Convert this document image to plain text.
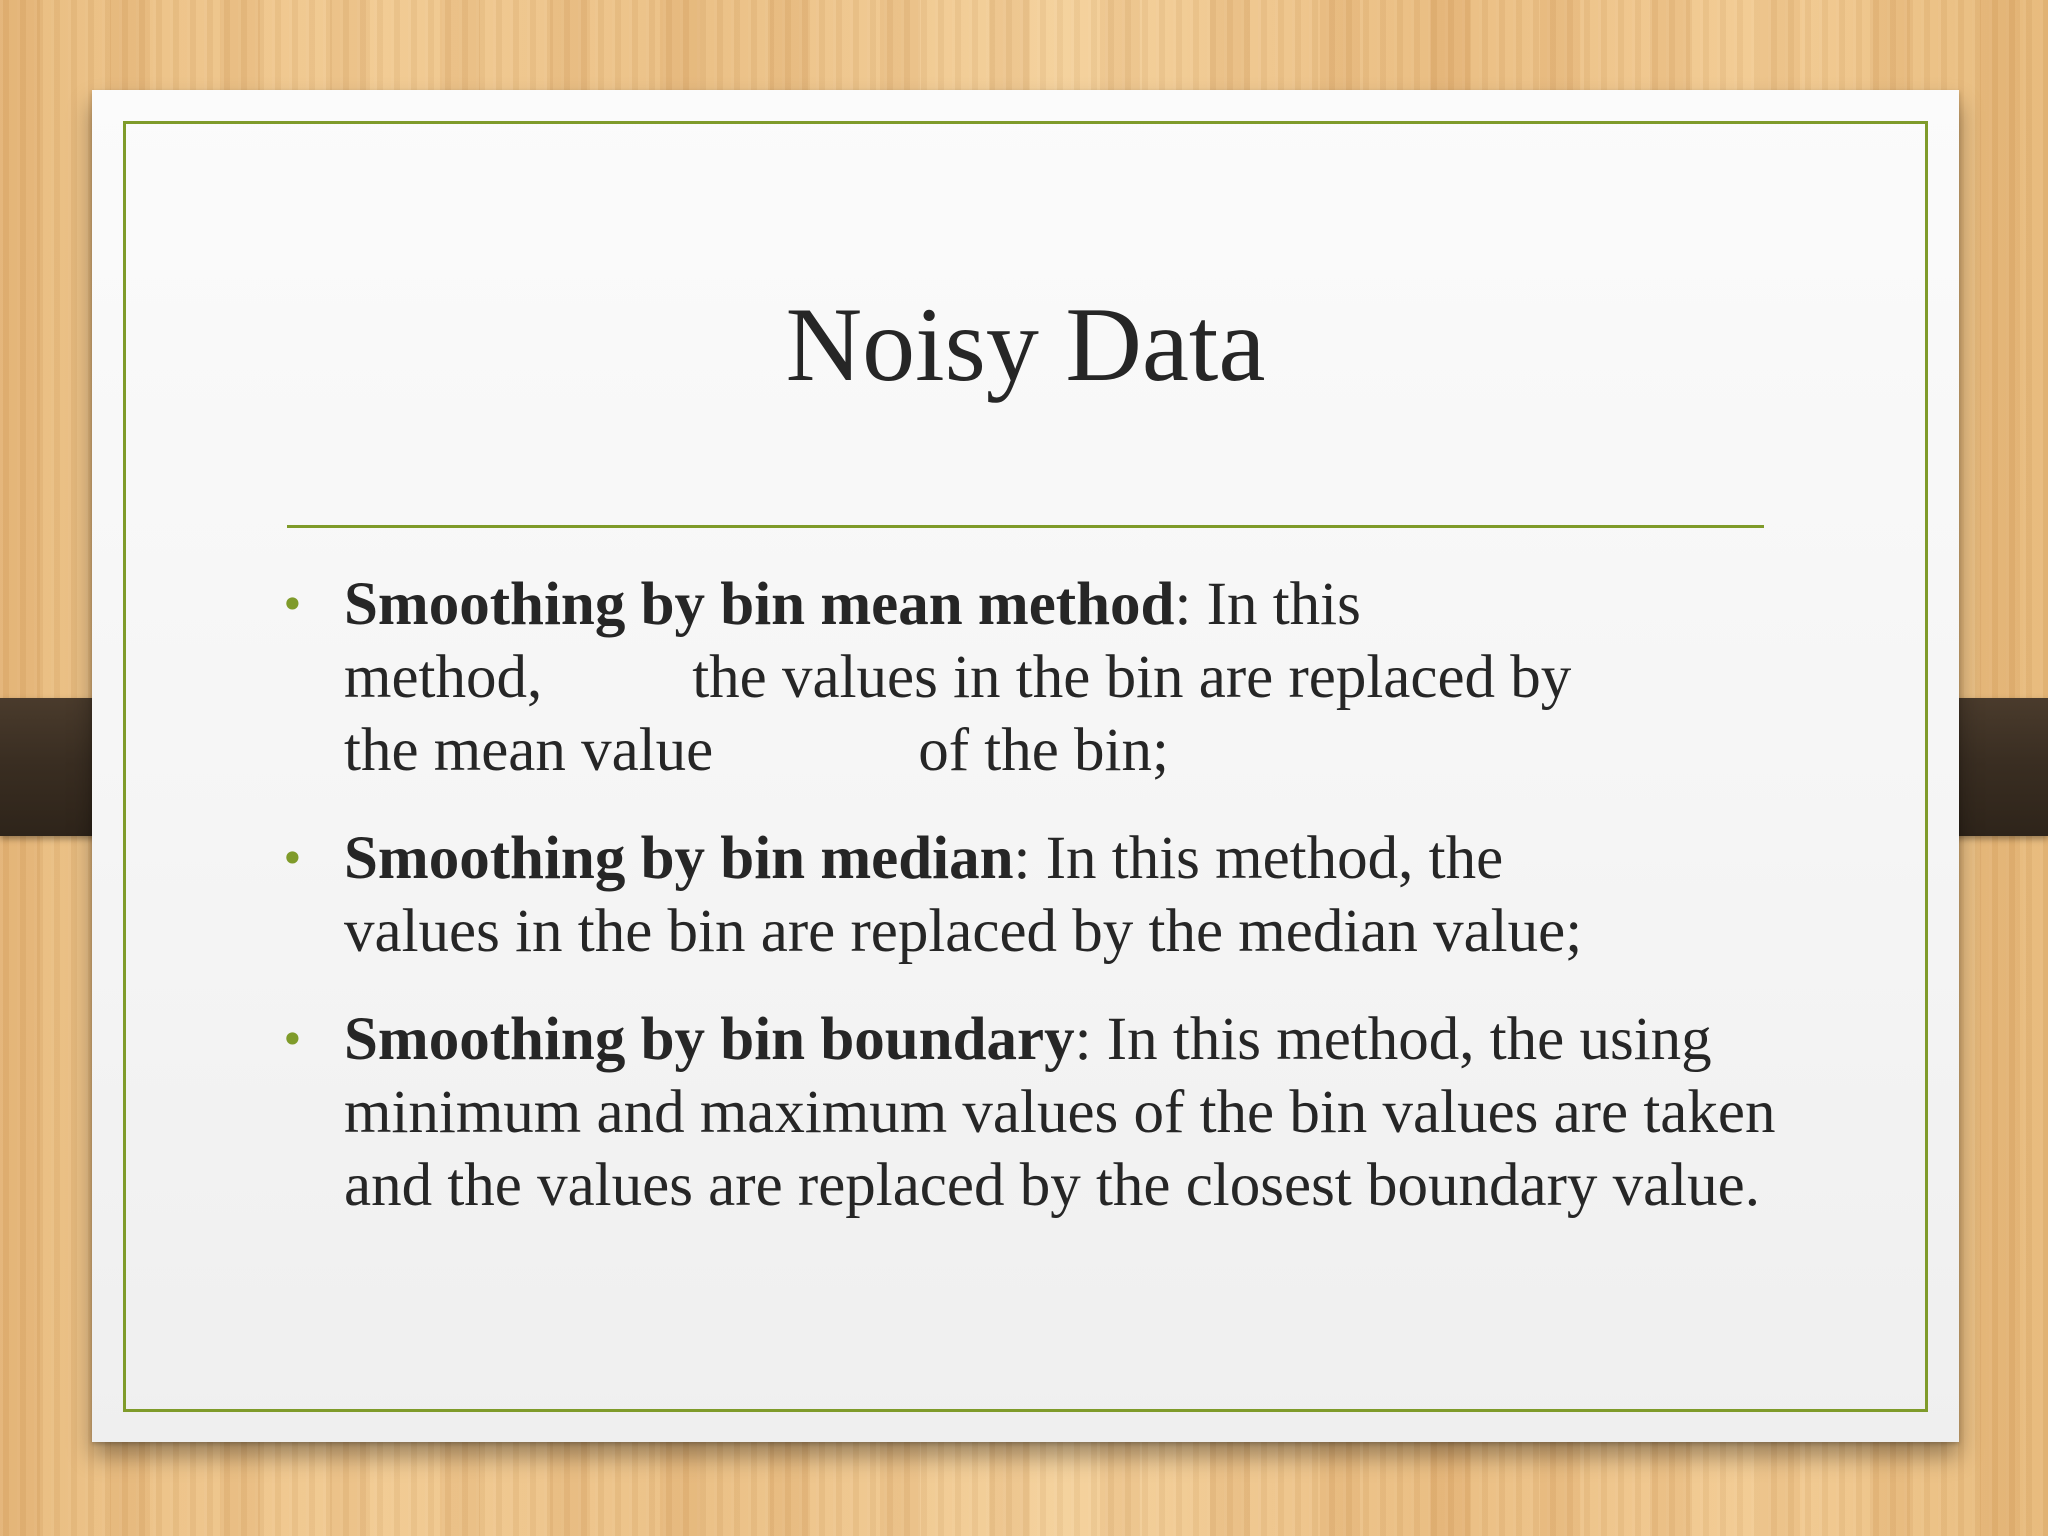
Noisy Data
• Smoothing by bin mean method: In this
method, the values in the bin are replaced by
the mean value	of the bin;
• Smoothing by bin median: In this method, the values in the bin are replaced by the median value;
• Smoothing by bin boundary: In this method, the using minimum and maximum values of the bin values are taken and the values are replaced by the closest boundary value.
